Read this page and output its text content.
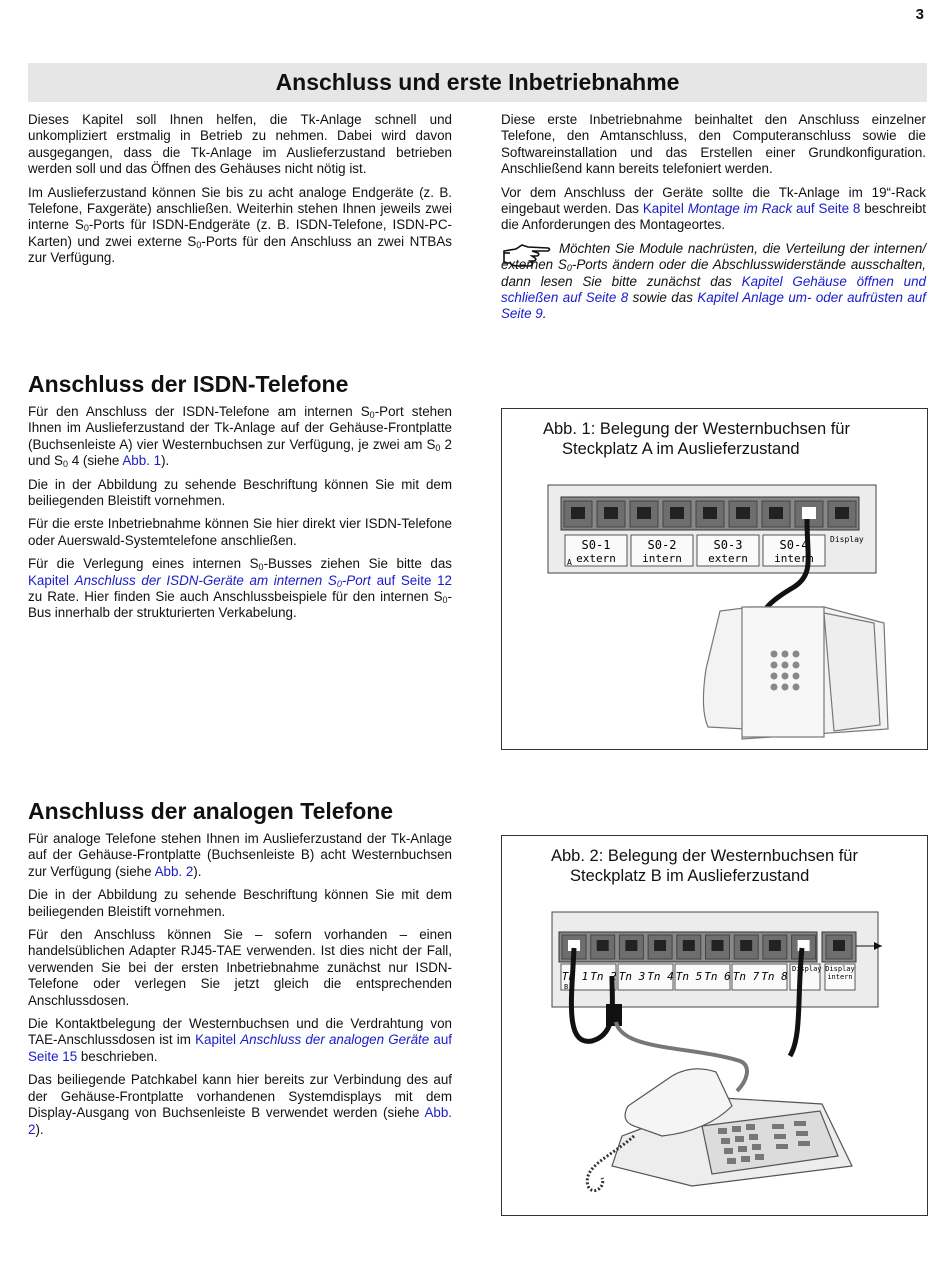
3
Anschluss und erste Inbetriebnahme

Dieses Kapitel soll Ihnen helfen, die Tk-Anlage schnell und unkompliziert erstmalig in Betrieb zu nehmen. Dabei wird davon ausgegangen, dass die Tk-Anlage im Auslieferzustand betrieben werden soll und das Öffnen des Gehäuses nicht nötig ist.

Im Auslieferzustand können Sie bis zu acht analoge Endgeräte (z. B. Telefone, Faxgeräte) anschließen. Weiterhin stehen Ihnen jeweils zwei interne $S_0$-Ports für ISDN-Endgeräte (z. B. ISDN-Telefone, ISDN-PC-Karten) und zwei externe $S_0$-Ports für den Anschluss an zwei NTBAs zur Verfügung.

Diese erste Inbetriebnahme beinhaltet den Anschluss einzelner Telefone, den Amtanschluss, den Computeranschluss sowie die Softwareinstallation und das Erstellen einer Grundkonfiguration. Anschließend kann bereits telefoniert werden.

Vor dem Anschluss der Geräte sollte die Tk-Anlage im 19“-Rack eingebaut werden. Das Kapitel Montage im Rack auf Seite 8 beschreibt die Anforderungen des Montageortes.

Möchten Sie Module nachrüsten, die Verteilung der internen/ externen $S_0$-Ports ändern oder die Abschlusswiderstände ausschalten, dann lesen Sie bitte zunächst das Kapitel Gehäuse öffnen und schließen auf Seite 8 sowie das Kapitel Anlage um- oder aufrüsten auf Seite 9.

Anschluss der ISDN-Telefone

Für den Anschluss der ISDN-Telefone am internen $S_0$-Port stehen Ihnen im Auslieferzustand der Tk-Anlage auf der Gehäuse-Frontplatte (Buchsenleiste A) vier Westernbuchsen zur Verfügung, je zwei am $S_0$ 2 und $S_0$ 4 (siehe Abb. 1).

Die in der Abbildung zu sehende Beschriftung können Sie mit dem beiliegenden Bleistift vornehmen.

Für die erste Inbetriebnahme können Sie hier direkt vier ISDN-Telefone oder Auerswald-Systemtelefone anschließen.

Für die Verlegung eines internen $S_0$-Busses ziehen Sie bitte das Kapitel Anschluss der ISDN-Geräte am internen $S_0$-Port auf Seite 12 zu Rate. Hier finden Sie auch Anschlussbeispiele für den internen $S_0$-Bus innerhalb der strukturierten Verkabelung.

Abb. 1: Belegung der Westernbuchsen für
Steckplatz A im Auslieferzustand
S0-1
extern
S0-2
intern
S0-3
extern
S0-4
intern
A
Display
Anschluss der analogen Telefone

Für analoge Telefone stehen Ihnen im Auslieferzustand der Tk-Anlage auf der Gehäuse-Frontplatte (Buchsenleiste B) acht Westernbuchsen zur Verfügung (siehe Abb. 2).

Die in der Abbildung zu sehende Beschriftung können Sie mit dem beiliegenden Bleistift vornehmen.

Für den Anschluss können Sie – sofern vorhanden – einen handelsüblichen Adapter RJ45-TAE verwenden. Ist dies nicht der Fall, verwenden Sie bei der ersten Inbetriebnahme zunächst nur ISDN-Telefone oder verlegen Sie jetzt gleich die entsprechenden Anschlussdosen.

Die Kontaktbelegung der Westernbuchsen und die Verdrahtung von TAE-Anschlussdosen ist im Kapitel Anschluss der analogen Geräte auf Seite 15 beschrieben.

Das beiliegende Patchkabel kann hier bereits zur Verbindung des auf der Gehäuse-Frontplatte vorhandenen Systemdisplays mit dem Display-Ausgang von Buchsenleiste B verwendet werden (siehe Abb. 2).

Abb. 2: Belegung der Westernbuchsen für
Steckplatz B im Auslieferzustand
Tn 1 Tn 2 Tn 3 Tn 4 Tn 5 Tn 6 Tn 7 Tn 8
Display Display
intern
B
